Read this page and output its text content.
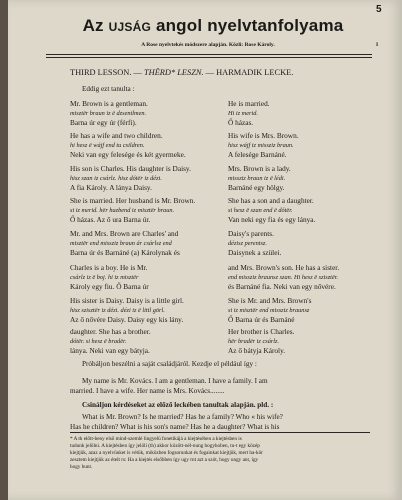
5
Az UJSÁG angol nyelvtanfolyama
A Rose nyelvtekés módszere alapján. Közli: Rose Károly.	I
THIRD LESSON. — THËRD* LESZN. — HARMADIK LECKE.
Eddig ezt tanulta :
Mr. Brown is a gentleman.	He is married.
misztër braun iz ë dzsentlmen.	Hi iz merid.
Barna úr egy úr (férfi).	Ő házas.
He has a wife and two children.	His wife is Mrs. Brown.
hi hesz ë wájf end tu csildren.	hisz wájf iz missziz braun.
Neki van egy felesége és két gyermeke.	A felesége Barnáné.
His son is Charles. His daughter is Daisy.	Mrs. Brown is a lady.
hisz szan iz csárlz. hisz dótër iz dézi.	missziz braun iz ë lédi.
A fia Károly. A lánya Daisy.	Barnáné egy hölgy.
She is married. Her husband is Mr. Brown.	She has a son and a daughter.
si iz merid. hër hazbend iz misztër braun.	si hesz ë szan end ë dótër.
Ő házas. Az ő ura Barna úr.	Van neki egy fia és egy lánya.
Mr. and Mrs. Brown are Charles' and	Daisy's parents.
misztër end missziz braun ár csárlsz end	dézisz perentsz.
Barna úr és Barnáné (a) Károlynak és	Daisynek a szülei.
Charles is a boy. He is Mr.	and Mrs. Brown's son. He has a sister.
csárlz iz ë boj. hi iz misztër	end missziz braunsz szan. Hi hesz ë szisztër.
Károly egy fiu. Ő Barna úr	és Barnáné fia. Neki van egy nővére.
His sister is Daisy. Daisy is a little girl.	She is Mr. and Mrs. Brown's
hisz szisztër iz dézi. dézi iz ë littl görl.	si iz misztër end missziz braunsz
Az ő nővére Daisy. Daisy egy kis lány.	Ő Barna úr és Barnáné
daughter. She has a brother.	Her brother is Charles.
dótër. si hesz ë bradër.	hër bradër iz csárlz.
lánya. Neki van egy bátyja.	Az ő bátyja Károly.
Próbáljon beszélni a saját családjáról. Kezdje el például így :
My name is Mr. Kovács. I am a gentleman. I have a family. I am
married. I have a wife. Her name is Mrs. Kovács........
Csináljon kérdéseket az előző leckében tanultak alapján. pld. :
What is Mr. Brown? Is he married? Has he a family? Who « his wife?
Has he children? What is his son's name? Has he a daughter? What is his
* A th előtt-beny első mind-szemlé lingyelü fonetikájá a kiejtésében a kiejtésben is
tudunk jelölni. A kiejtésben így jelöli (th) akkor között-nél-nung hogyhoben, tu-t egy közép
kiejtjük, azaz a nyelvünket is vétük, miközben fogsorunkat és fogainkat kiejtjük, mert ha-kör
zesztem kiejtjük az ételt rs: Ha a kiejtés elsőbben így ugy rnt azt a szót, hogy ungy ant, így
hogy hunt.
